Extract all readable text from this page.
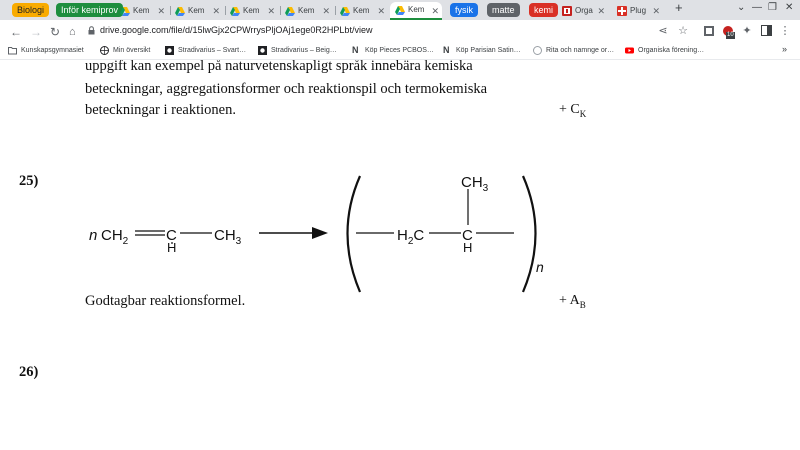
Biologi	Inför kemiprov	Kem ✕	Kem ✕	Kem ✕	Kem ✕	Kem ✕	Kem ✕	fysik	matte	kemi	Orga ✕	Plug ✕ +	⌄ — ❐ ✕
← → ↻ ⌂	drive.google.com/file/d/15lwGjx2CPWrrysPljOAj1ege0R2HPLbt/view	⋖ ☆	10 ✦	⋮
Kunskapsgymnasiet	Min översikt	Stradivarius – Svart…	Stradivarius – Beig… N Köp Pieces PCBOS… N Köp Parisian Satin…	Rita och namnge or…	Organiska förening…	»
uppgift kan exempel på naturvetenskapligt språk innebära kemiska
beteckningar, aggregationsformer och reaktionspil och termokemiska
beteckningar i reaktionen.	+ $C_K$
25)
n $CH_2$	C
H
$CH_3$	$H_2C$	C
$CH_3$
H
n
Godtagbar reaktionsformel.	+ $A_B$
26)
